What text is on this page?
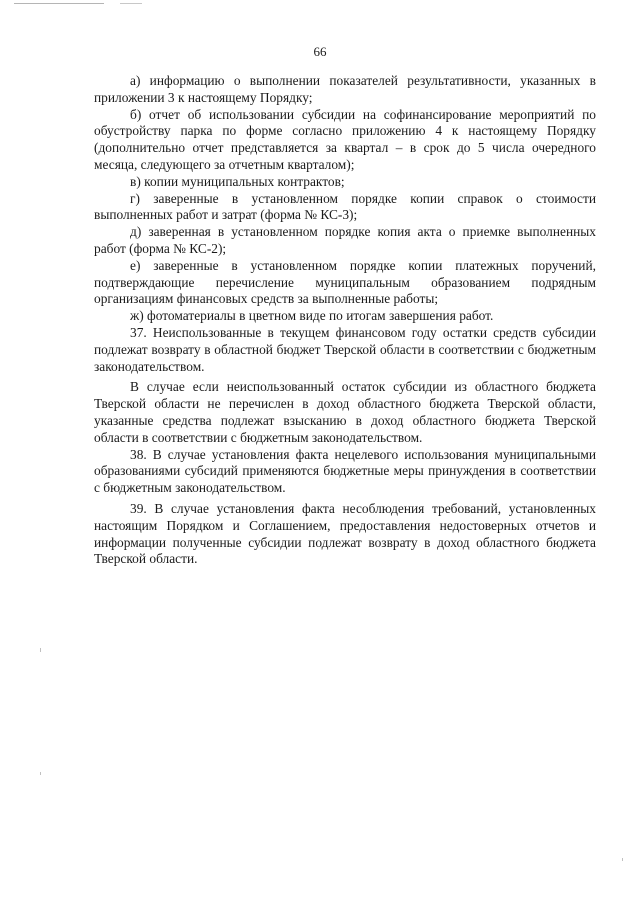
66

а) информацию о выполнении показателей результативности, указанных в приложении 3 к настоящему Порядку;

б) отчет об использовании субсидии на софинансирование мероприятий по обустройству парка по форме согласно приложению 4 к настоящему Порядку (дополнительно отчет представляется за квартал – в срок до 5 числа очередного месяца, следующего за отчетным кварталом);

в) копии муниципальных контрактов;

г) заверенные в установленном порядке копии справок о стоимости выполненных работ и затрат (форма № КС-3);

д) заверенная в установленном порядке копия акта о приемке выполненных работ (форма № КС-2);

е) заверенные в установленном порядке копии платежных поручений, подтверждающие перечисление муниципальным образованием подрядным организациям финансовых средств за выполненные работы;

ж) фотоматериалы в цветном виде по итогам завершения работ.

37. Неиспользованные в текущем финансовом году остатки средств субсидии подлежат возврату в областной бюджет Тверской области в соответствии с бюджетным законодательством.

В случае если неиспользованный остаток субсидии из областного бюджета Тверской области не перечислен в доход областного бюджета Тверской области, указанные средства подлежат взысканию в доход областного бюджета Тверской области в соответствии с бюджетным законодательством.

38. В случае установления факта нецелевого использования муниципальными образованиями субсидий применяются бюджетные меры принуждения в соответствии с бюджетным законодательством.

39. В случае установления факта несоблюдения требований, установленных настоящим Порядком и Соглашением, предоставления недостоверных отчетов и информации полученные субсидии подлежат возврату в доход областного бюджета Тверской области.
